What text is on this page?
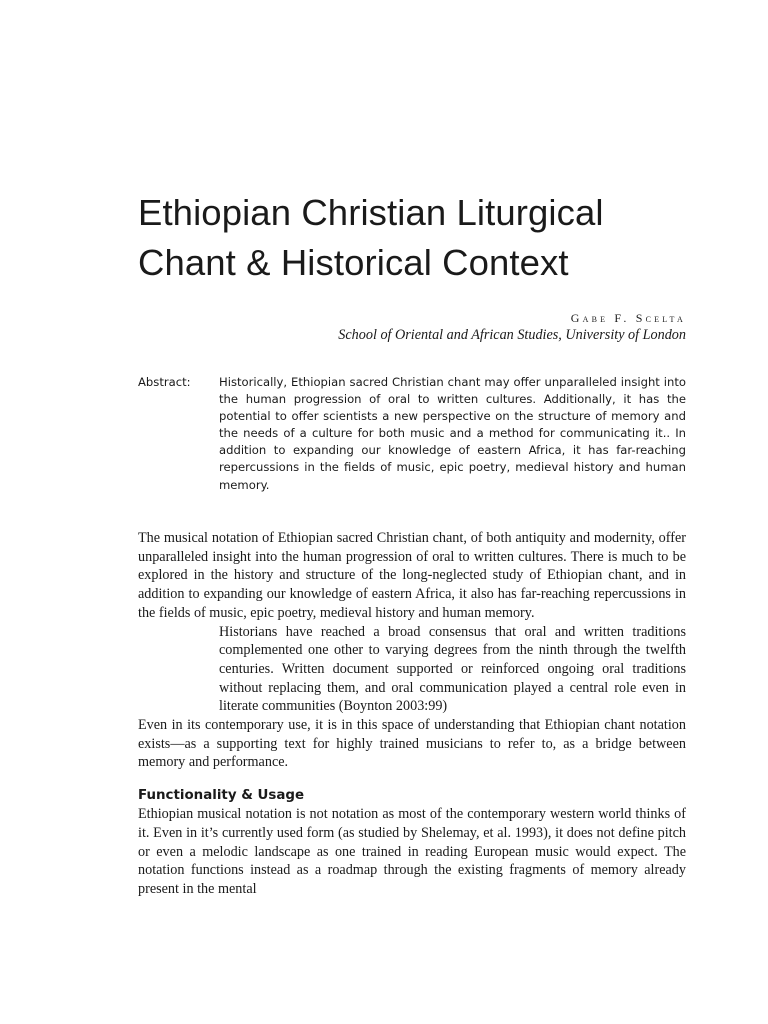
Ethiopian Christian Liturgical
Chant & Historical Context
Gabe F. Scelta
School of Oriental and African Studies, University of London
Abstract: Historically, Ethiopian sacred Christian chant may offer unparalleled insight into the human progression of oral to written cultures. Additionally, it has the potential to offer scientists a new perspective on the structure of memory and the needs of a culture for both music and a method for communicating it.. In addition to expanding our knowledge of eastern Africa, it has far-reaching repercussions in the fields of music, epic poetry, medieval history and human memory.

The musical notation of Ethiopian sacred Christian chant, of both antiquity and modernity, offer unparalleled insight into the human progression of oral to written cultures. There is much to be explored in the history and structure of the long-neglected study of Ethiopian chant, and in addition to expanding our knowledge of eastern Africa, it also has far-reaching repercussions in the fields of music, epic poetry, medieval history and human memory.

Historians have reached a broad consensus that oral and written traditions complemented one other to varying degrees from the ninth through the twelfth centuries. Written document supported or reinforced ongoing oral traditions without replacing them, and oral communication played a central role even in literate communities (Boynton 2003:99)

Even in its contemporary use, it is in this space of understanding that Ethiopian chant notation exists—as a supporting text for highly trained musicians to refer to, as a bridge between memory and performance.

Functionality & Usage

Ethiopian musical notation is not notation as most of the contemporary western world thinks of it. Even in it’s currently used form (as studied by Shelemay, et al. 1993), it does not define pitch or even a melodic landscape as one trained in reading European music would expect. The notation functions instead as a roadmap through the existing fragments of memory already present in the mental
